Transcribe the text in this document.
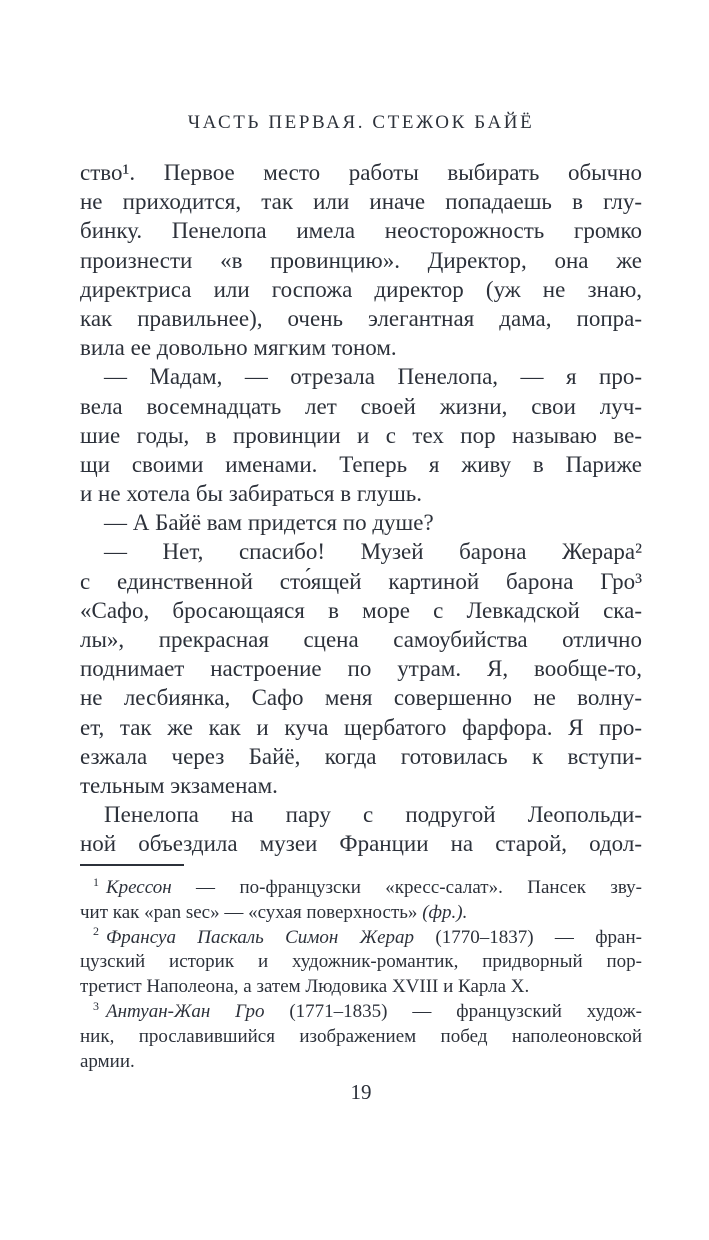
ЧАСТЬ ПЕРВАЯ. СТЕЖОК БАЙЁ
ство¹. Первое место работы выбирать обычно
не приходится, так или иначе попадаешь в глу-
бинку. Пенелопа имела неосторожность громко
произнести «в провинцию». Директор, она же
директриса или госпожа директор (уж не знаю,
как правильнее), очень элегантная дама, попра-
вила ее довольно мягким тоном.
— Мадам, — отрезала Пенелопа, — я про-
вела восемнадцать лет своей жизни, свои луч-
шие годы, в провинции и с тех пор называю ве-
щи своими именами. Теперь я живу в Париже
и не хотела бы забираться в глушь.
— А Байё вам придется по душе?
— Нет, спасибо! Музей барона Жерара²
с единственной сто́ящей картиной барона Гро³
«Сафо, бросающаяся в море с Левкадской ска-
лы», прекрасная сцена самоубийства отлично
поднимает настроение по утрам. Я, вообще-то,
не лесбиянка, Сафо меня совершенно не волну-
ет, так же как и куча щербатого фарфора. Я про-
езжала через Байё, когда готовилась к вступи-
тельным экзаменам.
Пенелопа на пару с подругой Леопольди-
ной объездила музеи Франции на старой, одол-
$^1$ Крессон — по-французски «кресс-салат». Пансек зву-
чит как «pan sec» — «сухая поверхность» (фр.).
$^2$ Франсуа Паскаль Симон Жерар (1770–1837) — фран-
цузский историк и художник-романтик, придворный пор-
третист Наполеона, а затем Людовика XVIII и Карла X.
$^3$ Антуан-Жан Гро (1771–1835) — французский худож-
ник, прославившийся изображением побед наполеоновской
армии.
19
